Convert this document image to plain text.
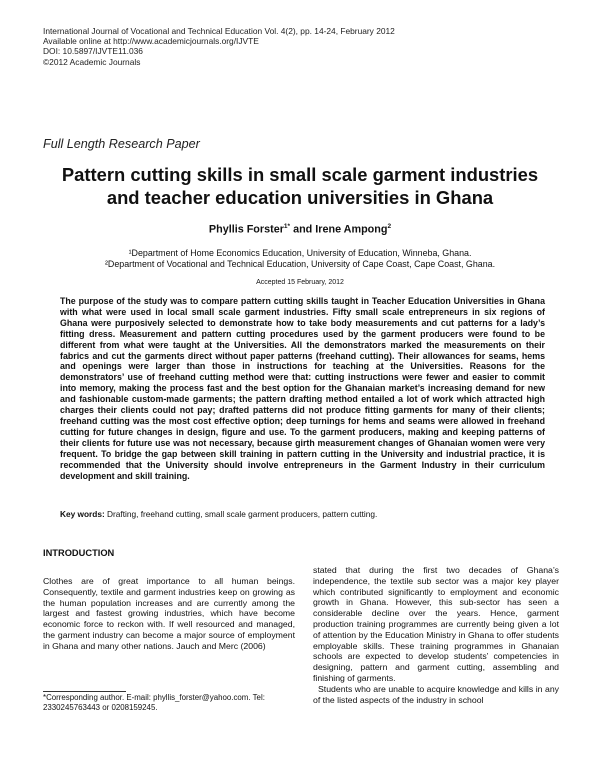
International Journal of Vocational and Technical Education Vol. 4(2), pp. 14-24, February 2012
Available online at http://www.academicjournals.org/IJVTE
DOI: 10.5897/IJVTE11.036
©2012 Academic Journals
Full Length Research Paper
Pattern cutting skills in small scale garment industries and teacher education universities in Ghana
Phyllis Forster$^{1*}$ and Irene Ampong$^2$
¹Department of Home Economics Education, University of Education, Winneba, Ghana.
²Department of Vocational and Technical Education, University of Cape Coast, Cape Coast, Ghana.
Accepted 15 February, 2012
The purpose of the study was to compare pattern cutting skills taught in Teacher Education Universities in Ghana with what were used in local small scale garment industries. Fifty small scale entrepreneurs in six regions of Ghana were purposively selected to demonstrate how to take body measurements and cut patterns for a lady’s fitting dress. Measurement and pattern cutting procedures used by the garment producers were found to be different from what were taught at the Universities. All the demonstrators marked the measurements on their fabrics and cut the garments direct without paper patterns (freehand cutting). Their allowances for seams, hems and openings were larger than those in instructions for teaching at the Universities. Reasons for the demonstrators’ use of freehand cutting method were that: cutting instructions were fewer and easier to commit into memory, making the process fast and the best option for the Ghanaian market’s increasing demand for new and fashionable custom-made garments; the pattern drafting method entailed a lot of work which attracted high charges their clients could not pay; drafted patterns did not produce fitting garments for many of their clients; freehand cutting was the most cost effective option; deep turnings for hems and seams were allowed in freehand cutting for future changes in design, figure and use. To the garment producers, making and keeping patterns of their clients for future use was not necessary, because girth measurement changes of Ghanaian women were very frequent. To bridge the gap between skill training in pattern cutting in the University and industrial practice, it is recommended that the University should involve entrepreneurs in the Garment Industry in their curriculum development and skill training.
Key words: Drafting, freehand cutting, small scale garment producers, pattern cutting.
INTRODUCTION
Clothes are of great importance to all human beings. Consequently, textile and garment industries keep on growing as the human population increases and are currently among the largest and fastest growing industries, which have become economic force to reckon with. If well resourced and managed, the garment industry can become a major source of employment in Ghana and many other nations. Jauch and Merc (2006)

stated that during the first two decades of Ghana’s independence, the textile sub sector was a major key player which contributed significantly to employment and economic growth in Ghana. However, this sub-sector has seen a considerable decline over the years. Hence, garment production training programmes are currently being given a lot of attention by the Education Ministry in Ghana to offer students employable skills. These training programmes in Ghanaian schools are expected to develop students’ competencies in designing, pattern and garment cutting, assembling and finishing of garments.

Students who are unable to acquire knowledge and kills in any of the listed aspects of the industry in school

*Corresponding author. E-mail: phyllis_forster@yahoo.com. Tel: 2330245763443 or 0208159245.
